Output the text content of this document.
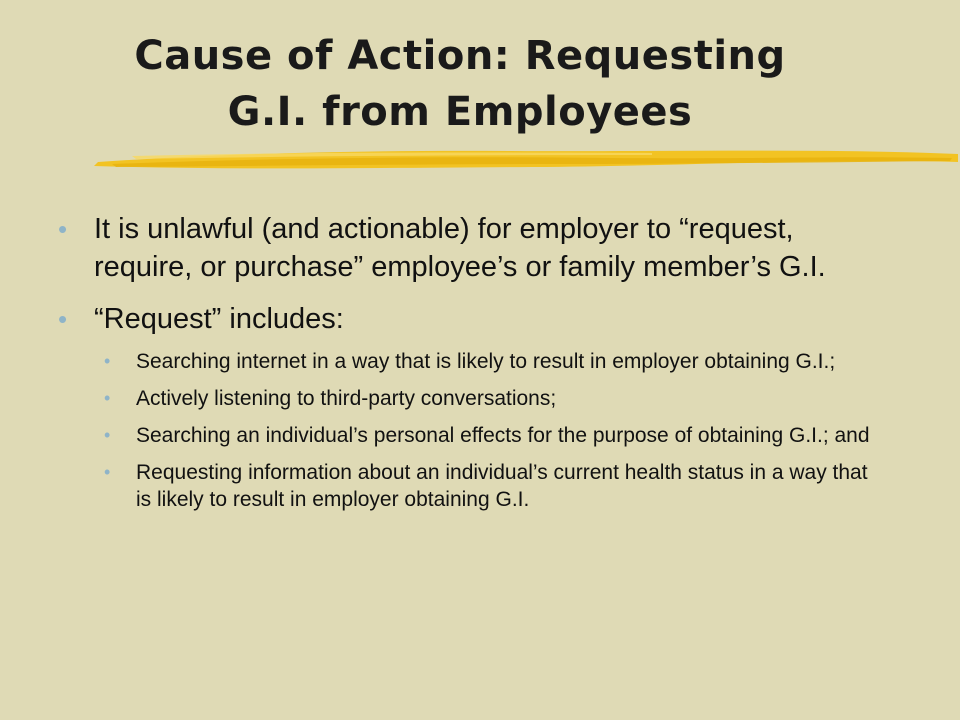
Cause of Action: Requesting
G.I. from Employees
• It is unlawful (and actionable) for employer to “request, require, or purchase” employee’s or family member’s G.I.
• “Request” includes:
• Searching internet in a way that is likely to result in employer obtaining G.I.;
• Actively listening to third-party conversations;
• Searching an individual’s personal effects for the purpose of obtaining G.I.; and
• Requesting information about an individual’s current health status in a way that is likely to result in employer obtaining G.I.
